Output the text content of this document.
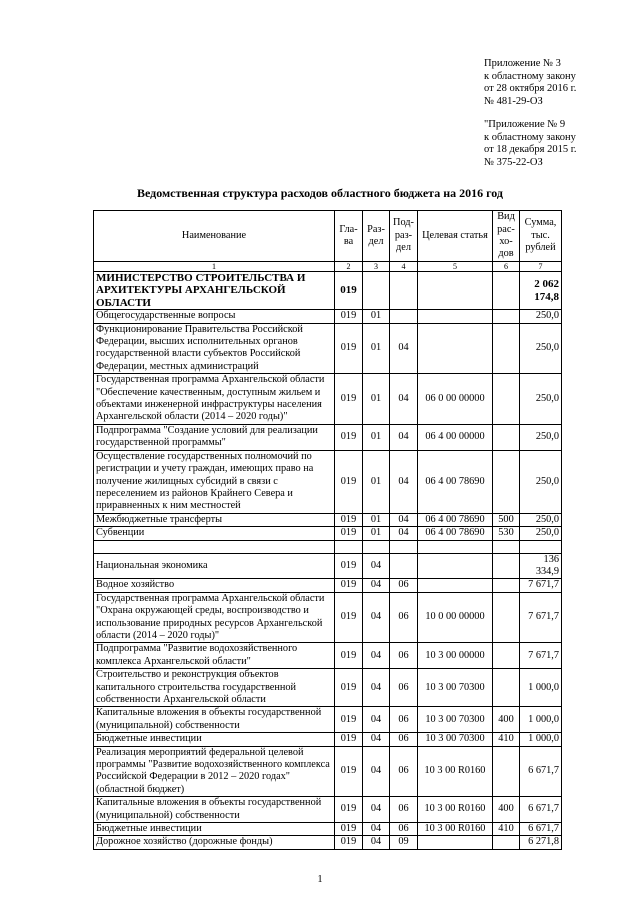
Приложение № 3
к областному закону
от 28 октября 2016 г.
№ 481-29-ОЗ

"Приложение № 9
к областному закону
от 18 декабря 2015 г.
№ 375-22-ОЗ

Ведомственная структура расходов областного бюджета на 2016 год
Наименование	Гла-ва	Раз-дел	Под-раз-дел	Целевая статья	Вид рас-хо-дов	Сумма, тыс. рублей
1	2	3	4	5	6	7
МИНИСТЕРСТВО СТРОИТЕЛЬСТВА И АРХИТЕКТУРЫ АРХАНГЕЛЬСКОЙ ОБЛАСТИ	019					2 062 174,8
Общегосударственные вопросы	019	01				250,0
Функционирование Правительства Российской Федерации, высших исполнительных органов государственной власти субъектов Российской Федерации, местных администраций	019	01	04			250,0
Государственная программа Архангельской области "Обеспечение качественным, доступным жильем и объектами инженерной инфраструктуры населения Архангельской области (2014 – 2020 годы)"	019	01	04	06 0 00 00000		250,0
Подпрограмма "Создание условий для реализации государственной программы"	019	01	04	06 4 00 00000		250,0
Осуществление государственных полномочий по регистрации и учету граждан, имеющих право на получение жилищных субсидий в связи с переселением из районов Крайнего Севера и приравненных к ним местностей	019	01	04	06 4 00 78690		250,0
Межбюджетные трансферты	019	01	04	06 4 00 78690	500	250,0
Субвенции	019	01	04	06 4 00 78690	530	250,0

Национальная экономика	019	04				136 334,9
Водное хозяйство	019	04	06			7 671,7
Государственная программа Архангельской области "Охрана окружающей среды, воспроизводство и использование природных ресурсов Архангельской области (2014 – 2020 годы)"	019	04	06	10 0 00 00000		7 671,7
Подпрограмма "Развитие водохозяйственного комплекса Архангельской области"	019	04	06	10 3 00 00000		7 671,7
Строительство и реконструкция объектов капитального строительства государственной собственности Архангельской области	019	04	06	10 3 00 70300		1 000,0
Капитальные вложения в объекты государственной (муниципальной) собственности	019	04	06	10 3 00 70300	400	1 000,0
Бюджетные инвестиции	019	04	06	10 3 00 70300	410	1 000,0
Реализация мероприятий федеральной целевой программы "Развитие водохозяйственного комплекса Российской Федерации в 2012 – 2020 годах" (областной бюджет)	019	04	06	10 3 00 R0160		6 671,7
Капитальные вложения в объекты государственной (муниципальной) собственности	019	04	06	10 3 00 R0160	400	6 671,7
Бюджетные инвестиции	019	04	06	10 3 00 R0160	410	6 671,7
Дорожное хозяйство (дорожные фонды)	019	04	09			6 271,8
1
